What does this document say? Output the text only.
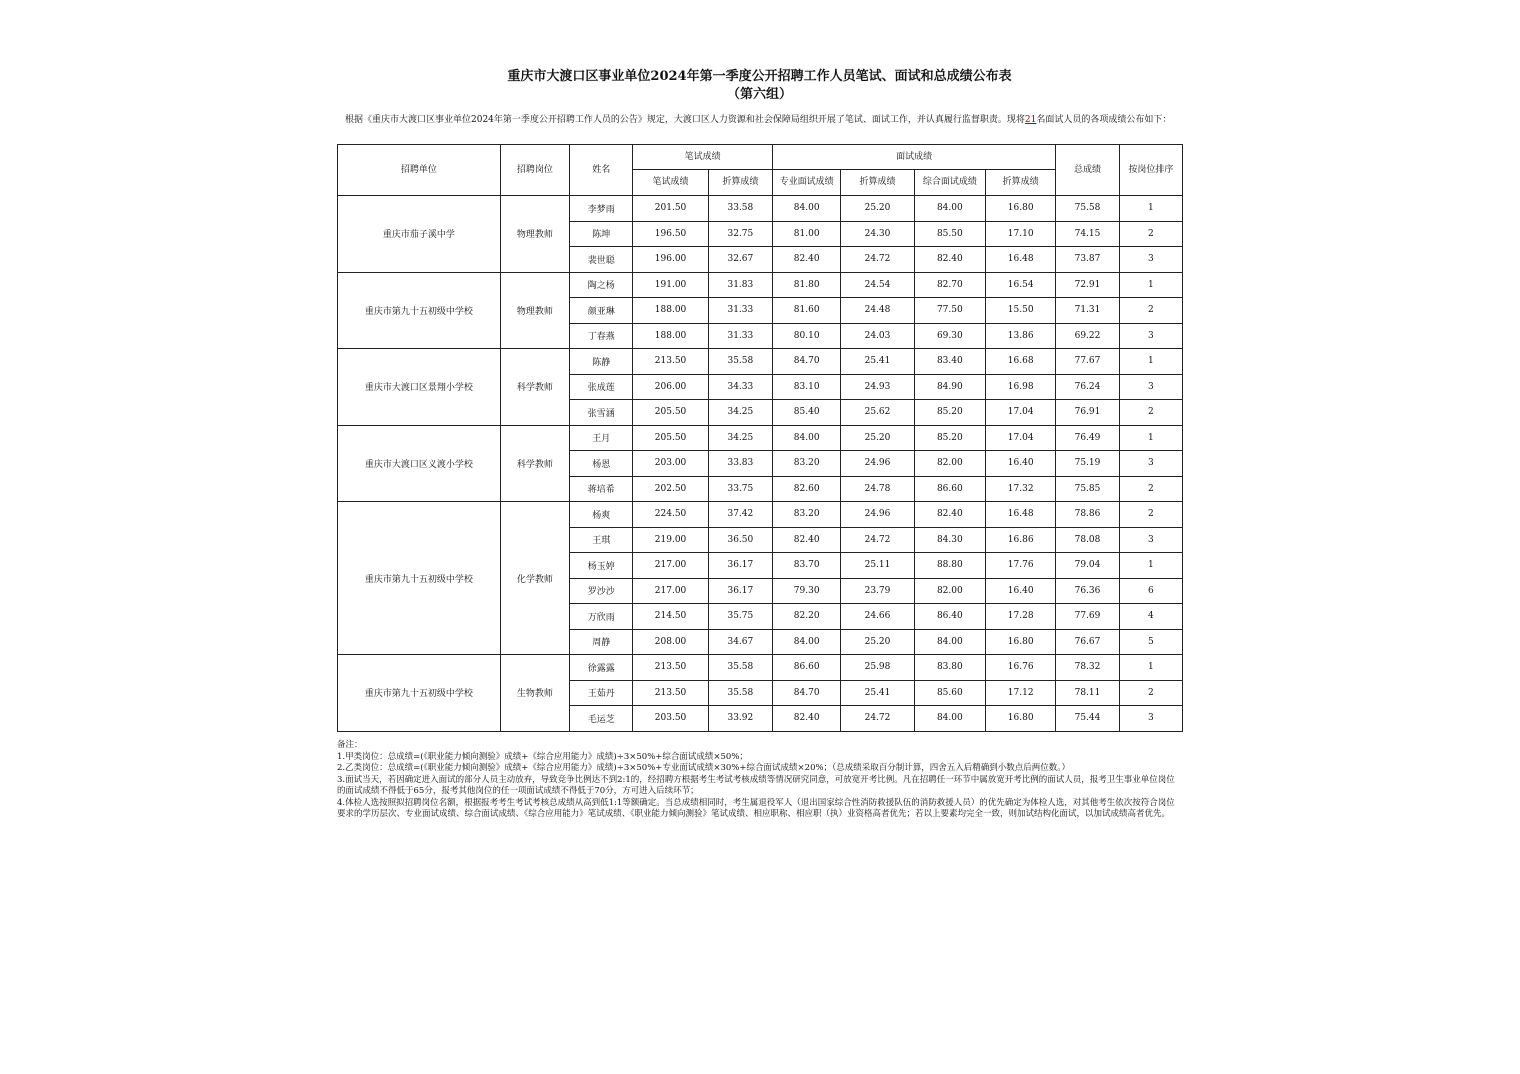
重庆市大渡口区事业单位2024年第一季度公开招聘工作人员笔试、面试和总成绩公布表
（第六组）
根据《重庆市大渡口区事业单位2024年第一季度公开招聘工作人员的公告》规定，大渡口区人力资源和社会保障局组织开展了笔试、面试工作，并认真履行监督职责。现将21名面试人员的各项成绩公布如下：
招聘单位	招聘岗位	姓名	笔试成绩		面试成绩				总成绩	按岗位排序
			笔试成绩	折算成绩	专业面试成绩	折算成绩	综合面试成绩	折算成绩		
重庆市茄子溪中学	物理教师	李梦雨	201.50	33.58	84.00	25.20	84.00	16.80	75.58	1
		陈坤	196.50	32.75	81.00	24.30	85.50	17.10	74.15	2
		裴世聪	196.00	32.67	82.40	24.72	82.40	16.48	73.87	3
重庆市第九十五初级中学校	物理教师	陶之杨	191.00	31.83	81.80	24.54	82.70	16.54	72.91	1
		颜亚琳	188.00	31.33	81.60	24.48	77.50	15.50	71.31	2
		丁春燕	188.00	31.33	80.10	24.03	69.30	13.86	69.22	3
重庆市大渡口区景翔小学校	科学教师	陈静	213.50	35.58	84.70	25.41	83.40	16.68	77.67	1
		张成莲	206.00	34.33	83.10	24.93	84.90	16.98	76.24	3
		张雪涵	205.50	34.25	85.40	25.62	85.20	17.04	76.91	2
重庆市大渡口区义渡小学校	科学教师	王月	205.50	34.25	84.00	25.20	85.20	17.04	76.49	1
		杨恩	203.00	33.83	83.20	24.96	82.00	16.40	75.19	3
		蒋培希	202.50	33.75	82.60	24.78	86.60	17.32	75.85	2
重庆市第九十五初级中学校	化学教师	杨爽	224.50	37.42	83.20	24.96	82.40	16.48	78.86	2
		王琪	219.00	36.50	82.40	24.72	84.30	16.86	78.08	3
		杨玉婷	217.00	36.17	83.70	25.11	88.80	17.76	79.04	1
		罗沙沙	217.00	36.17	79.30	23.79	82.00	16.40	76.36	6
		万欣雨	214.50	35.75	82.20	24.66	86.40	17.28	77.69	4
		周静	208.00	34.67	84.00	25.20	84.00	16.80	76.67	5
重庆市第九十五初级中学校	生物教师	徐露露	213.50	35.58	86.60	25.98	83.80	16.76	78.32	1
		王茹丹	213.50	35.58	84.70	25.41	85.60	17.12	78.11	2
		毛运芝	203.50	33.92	82.40	24.72	84.00	16.80	75.44	3

备注：

1.甲类岗位：总成绩=(《职业能力倾向测验》成绩+《综合应用能力》成绩)÷3×50%+综合面试成绩×50%；

2.乙类岗位：总成绩=(《职业能力倾向测验》成绩+《综合应用能力》成绩)÷3×50%+专业面试成绩×30%+综合面试成绩×20%；（总成绩采取百分制计算，四舍五入后精确到小数点后两位数。）

3.面试当天，若因确定进入面试的部分人员主动放弃，导致竞争比例达不到2:1的，经招聘方根据考生考试考核成绩等情况研究同意，可放宽开考比例。凡在招聘任一环节中属放宽开考比例的面试人员，报考卫生事业单位岗位的面试成绩不得低于65分，报考其他岗位的任一项面试成绩不得低于70分，方可进入后续环节；

4.体检人选按照拟招聘岗位名额，根据报考考生考试考核总成绩从高到低1:1等额确定。当总成绩相同时，考生属退役军人（退出国家综合性消防救援队伍的消防救援人员）的优先确定为体检人选，对其他考生依次按符合岗位要求的学历层次、专业面试成绩、综合面试成绩、《综合应用能力》笔试成绩、《职业能力倾向测验》笔试成绩、相应职称、相应职（执）业资格高者优先；若以上要素均完全一致，则加试结构化面试，以加试成绩高者优先。
